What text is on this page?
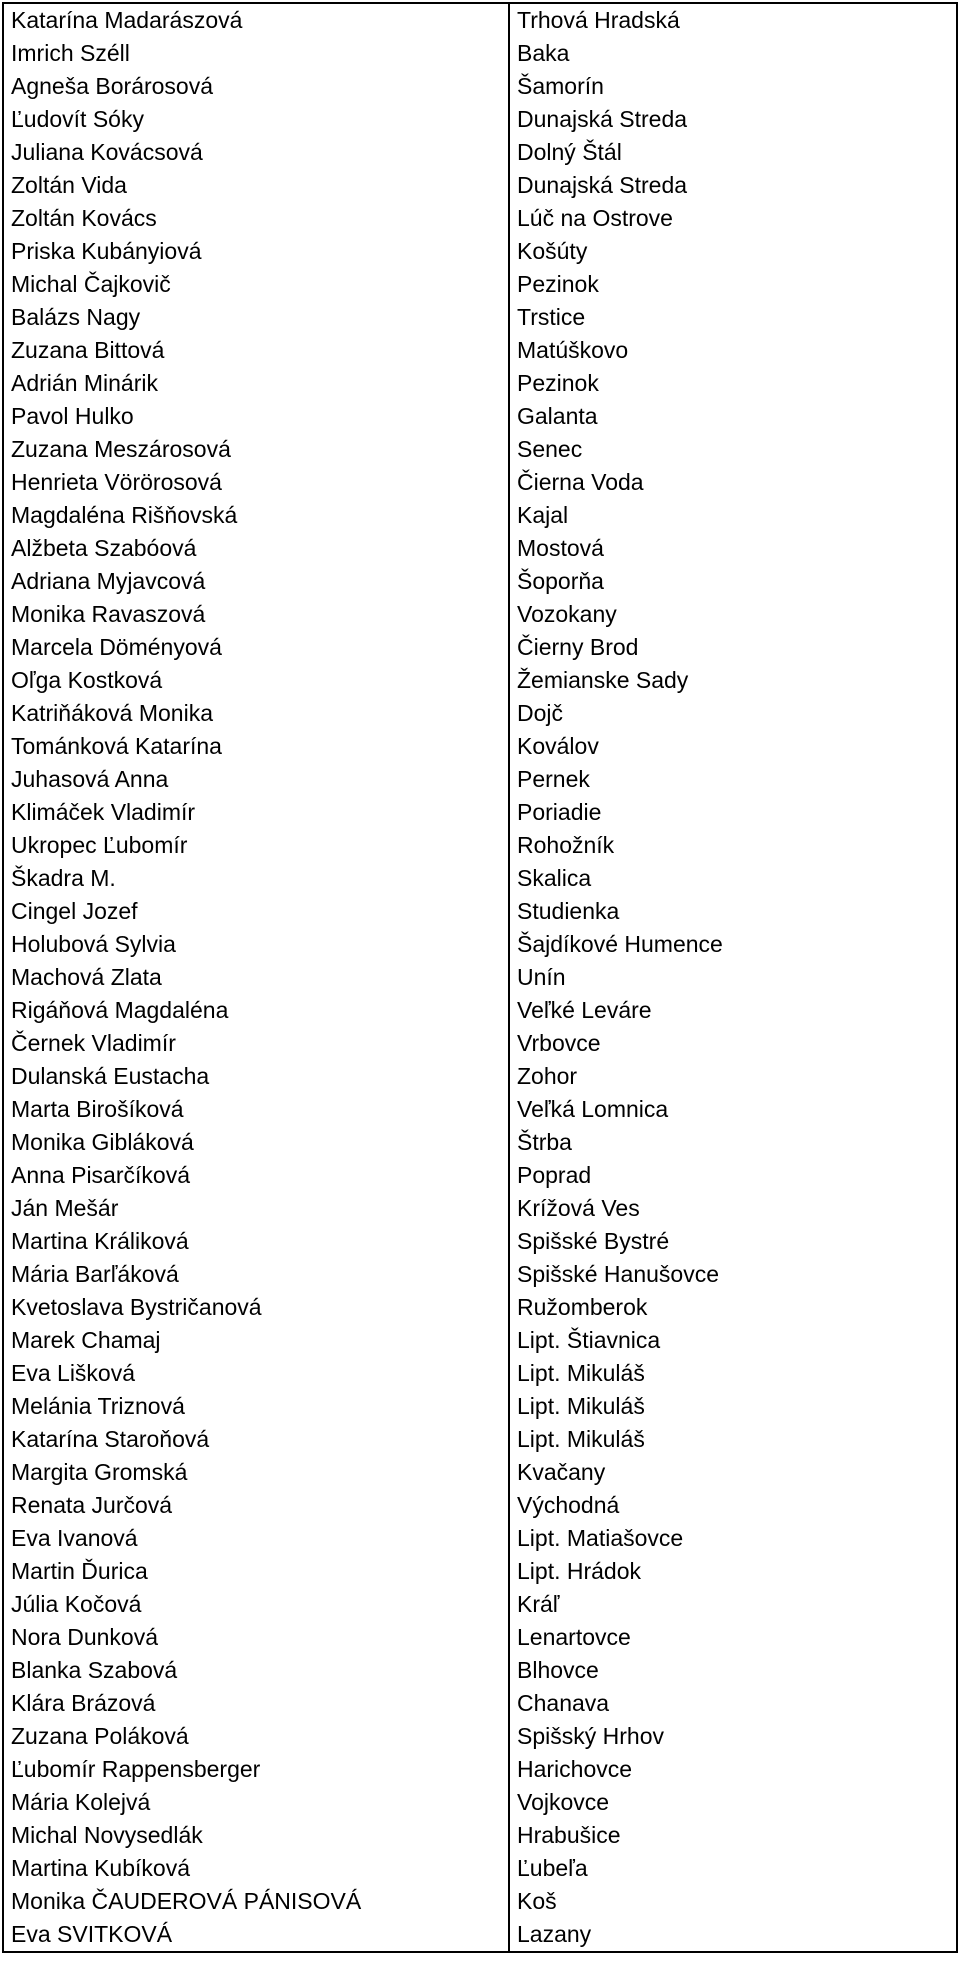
Katarína Madarászová	Trhová Hradská
Imrich Széll	Baka
Agneša Borárosová	Šamorín
Ľudovít Sóky	Dunajská Streda
Juliana Kovácsová	Dolný Štál
Zoltán Vida	Dunajská Streda
Zoltán Kovács	Lúč na Ostrove
Priska Kubányiová	Košúty
Michal Čajkovič	Pezinok
Balázs Nagy	Trstice
Zuzana Bittová	Matúškovo
Adrián Minárik	Pezinok
Pavol Hulko	Galanta
Zuzana Meszárosová	Senec
Henrieta Vörörosová	Čierna Voda
Magdaléna Rišňovská	Kajal
Alžbeta Szabóová	Mostová
Adriana Myjavcová	Šoporňa
Monika Ravaszová	Vozokany
Marcela Döményová	Čierny Brod
Oľga Kostková	Žemianske Sady
Katriňáková Monika	Dojč
Tománková Katarína	Koválov
Juhasová Anna	Pernek
Klimáček Vladimír	Poriadie
Ukropec Ľubomír	Rohožník
Škadra M.	Skalica
Cingel Jozef	Studienka
Holubová Sylvia	Šajdíkové Humence
Machová Zlata	Unín
Rigáňová Magdaléna	Veľké Leváre
Černek Vladimír	Vrbovce
Dulanská Eustacha	Zohor
Marta Birošíková	Veľká Lomnica
Monika Gibláková	Štrba
Anna Pisarčíková	Poprad
Ján Mešár	Krížová Ves
Martina Králiková	Spišské Bystré
Mária Barľáková	Spišské Hanušovce
Kvetoslava Bystričanová	Ružomberok
Marek Chamaj	Lipt. Štiavnica
Eva Lišková	Lipt. Mikuláš
Melánia Triznová	Lipt. Mikuláš
Katarína Staroňová	Lipt. Mikuláš
Margita Gromská	Kvačany
Renata Jurčová	Východná
Eva Ivanová	Lipt. Matiašovce
Martin Ďurica	Lipt. Hrádok
Júlia Kočová	Kráľ
Nora Dunková	Lenartovce
Blanka Szabová	Blhovce
Klára Brázová	Chanava
Zuzana Poláková	Spišský Hrhov
Ľubomír Rappensberger	Harichovce
Mária Kolejvá	Vojkovce
Michal Novysedlák	Hrabušice
Martina Kubíková	Ľubeľa
Monika ČAUDEROVÁ PÁNISOVÁ	Koš
Eva SVITKOVÁ	Lazany
